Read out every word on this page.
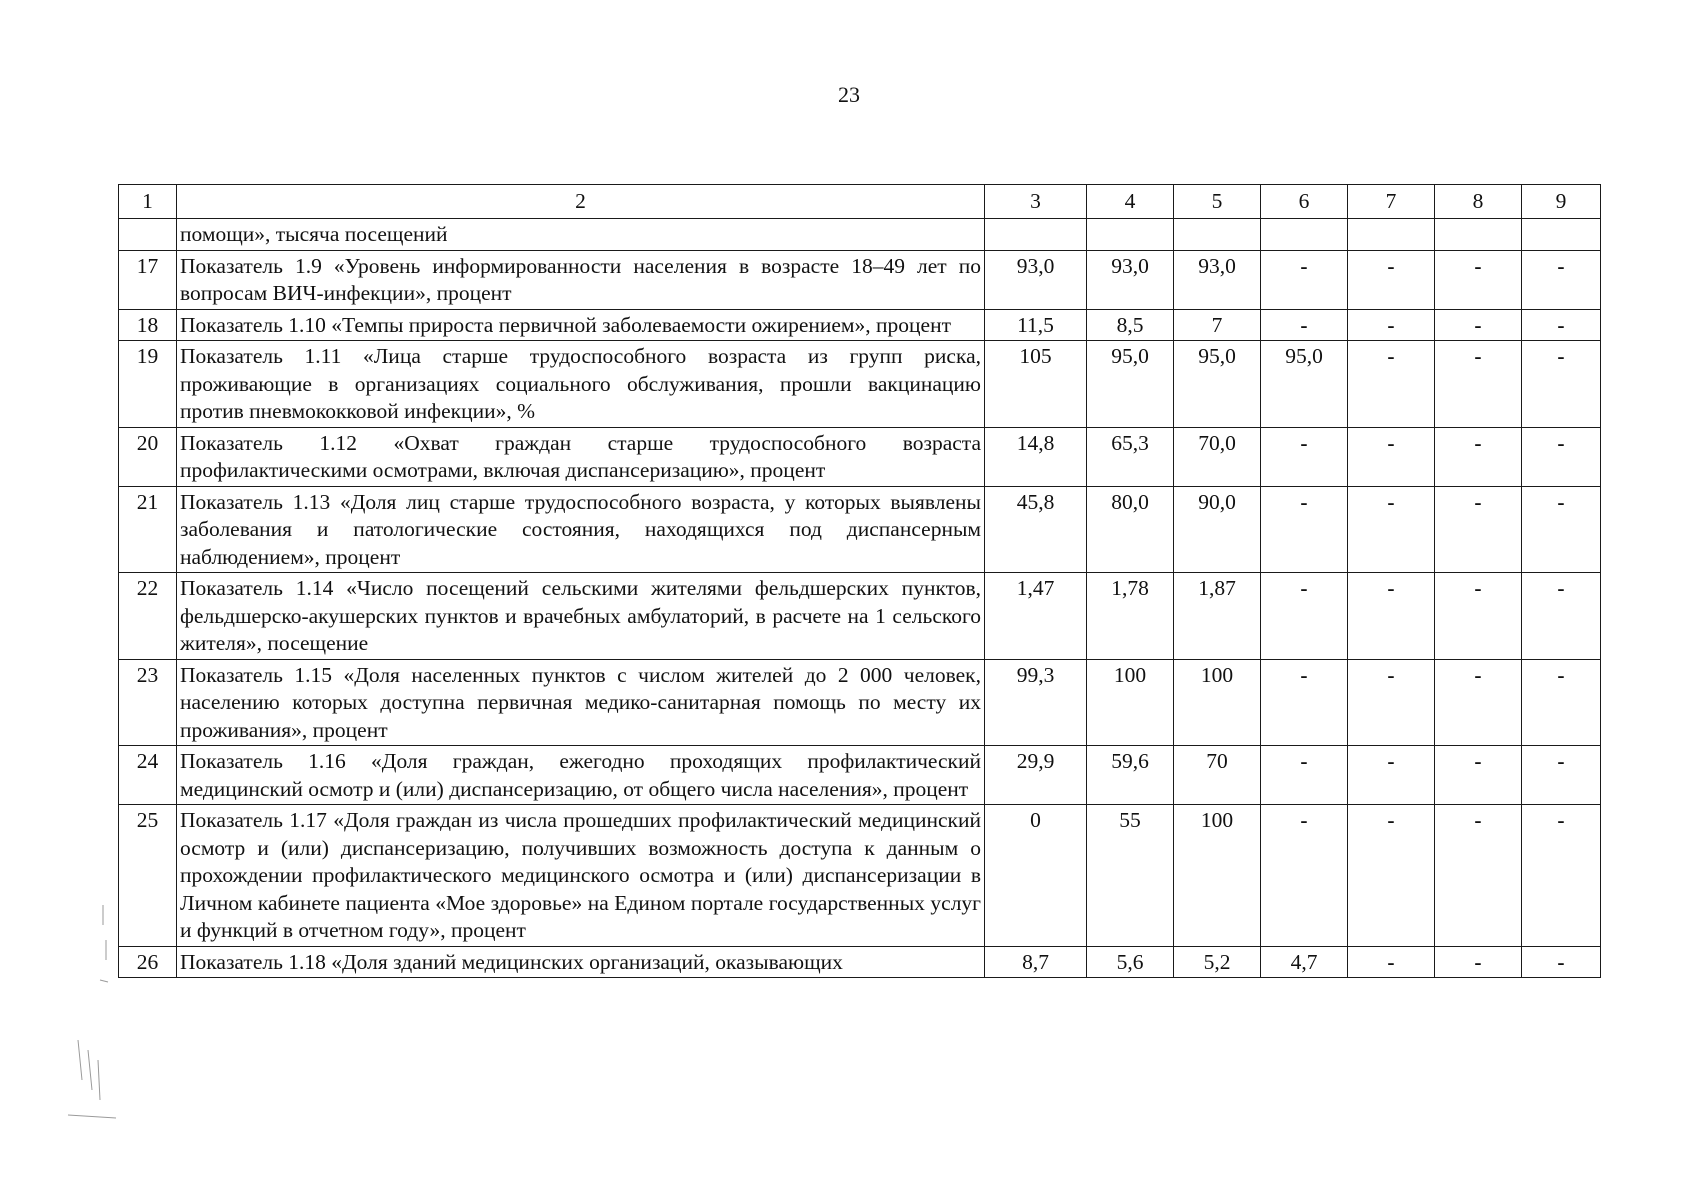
23
1	2	3	4	5	6	7	8	9
	помощи», тысяча посещений							
17	Показатель 1.9 «Уровень информированности населения в возрасте 18–49 лет по вопросам ВИЧ-инфекции», процент	93,0	93,0	93,0	-	-	-	-
18	Показатель 1.10 «Темпы прироста первичной заболеваемости ожирением», процент	11,5	8,5	7	-	-	-	-
19	Показатель 1.11 «Лица старше трудоспособного возраста из групп риска, проживающие в организациях социального обслуживания, прошли вакцинацию против пневмококковой инфекции», %	105	95,0	95,0	95,0	-	-	-
20	Показатель 1.12 «Охват граждан старше трудоспособного возраста профилактическими осмотрами, включая диспансеризацию», процент	14,8	65,3	70,0	-	-	-	-
21	Показатель 1.13 «Доля лиц старше трудоспособного возраста, у которых выявлены заболевания и патологические состояния, находящихся под диспансерным наблюдением», процент	45,8	80,0	90,0	-	-	-	-
22	Показатель 1.14 «Число посещений сельскими жителями фельдшерских пунктов, фельдшерско-акушерских пунктов и врачебных амбулаторий, в расчете на 1 сельского жителя», посещение	1,47	1,78	1,87	-	-	-	-
23	Показатель 1.15 «Доля населенных пунктов с числом жителей до 2 000 человек, населению которых доступна первичная медико-санитарная помощь по месту их проживания», процент	99,3	100	100	-	-	-	-
24	Показатель 1.16 «Доля граждан, ежегодно проходящих профилактический медицинский осмотр и (или) диспансеризацию, от общего числа населения», процент	29,9	59,6	70	-	-	-	-
25	Показатель 1.17 «Доля граждан из числа прошедших профилактический медицинский осмотр и (или) диспансеризацию, получивших возможность доступа к данным о прохождении профилактического медицинского осмотра и (или) диспансеризации в Личном кабинете пациента «Мое здоровье» на Едином портале государственных услуг и функций в отчетном году», процент	0	55	100	-	-	-	-
26	Показатель 1.18 «Доля зданий медицинских организаций, оказывающих	8,7	5,6	5,2	4,7	-	-	-
